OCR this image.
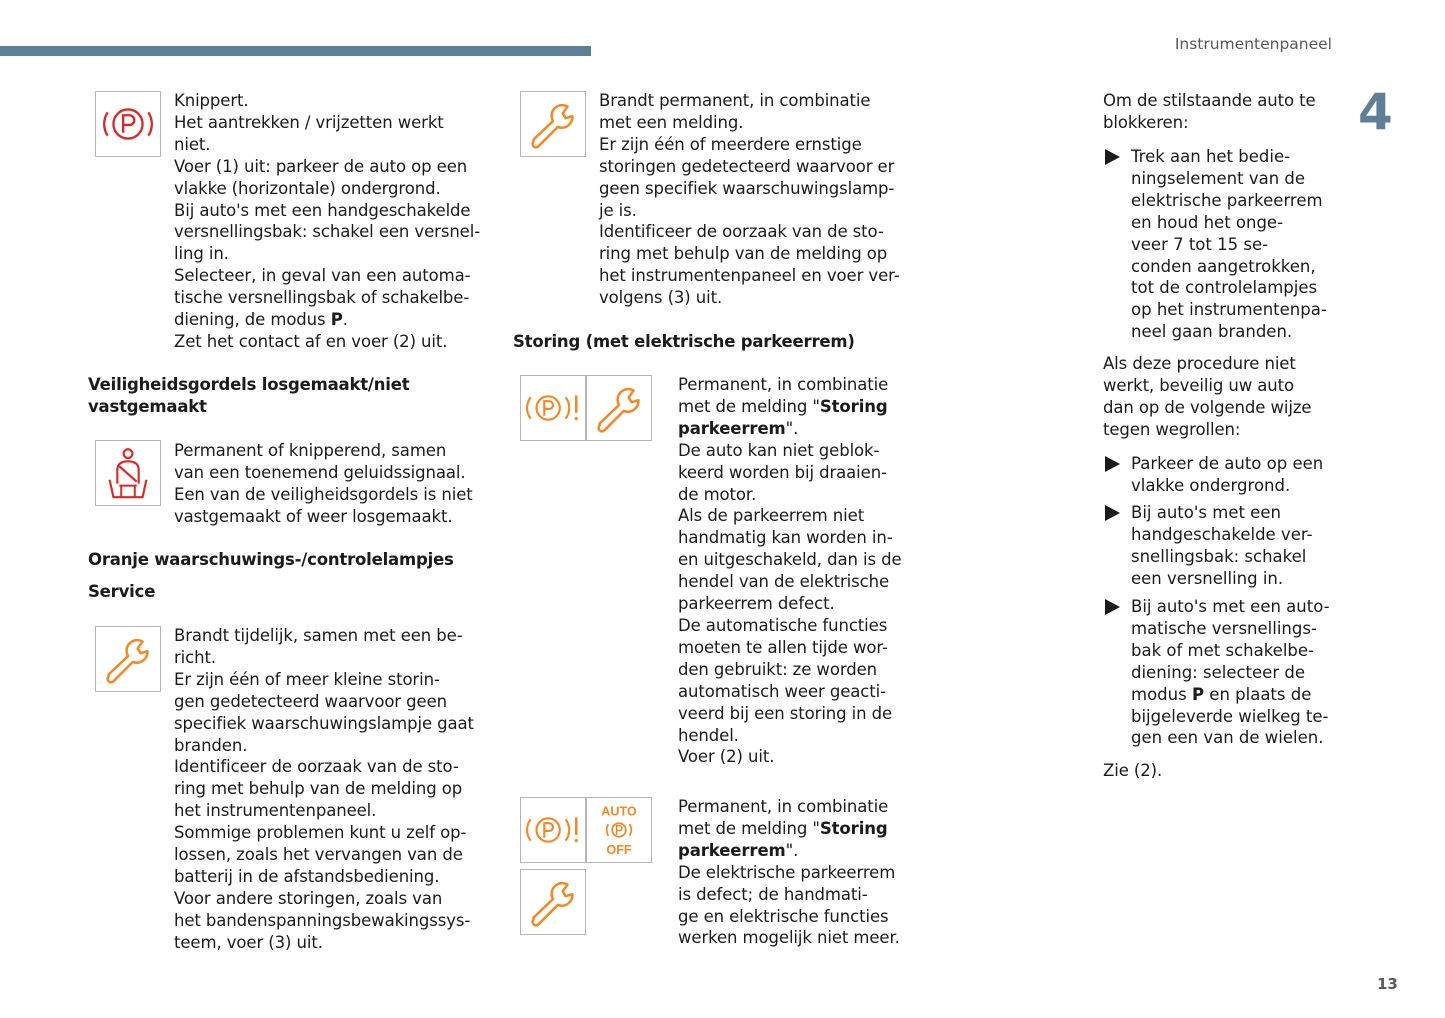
Instrumentenpaneel
4
13
Knippert.
Het aantrekken / vrijzetten werkt
niet.
Voer (1) uit: parkeer de auto op een
vlakke (horizontale) ondergrond.
Bij auto's met een handgeschakelde
versnellingsbak: schakel een versnel-
ling in.
Selecteer, in geval van een automa-
tische versnellingsbak of schakelbe-
diening, de modus P.
Zet het contact af en voer (2) uit.
Veiligheidsgordels losgemaakt/niet
vastgemaakt
Permanent of knipperend, samen
van een toenemend geluidssignaal.
Een van de veiligheidsgordels is niet
vastgemaakt of weer losgemaakt.
Oranje waarschuwings-/controlelampjes
Service
Brandt tijdelijk, samen met een be-
richt.
Er zijn één of meer kleine storin-
gen gedetecteerd waarvoor geen
specifiek waarschuwingslampje gaat
branden.
Identificeer de oorzaak van de sto-
ring met behulp van de melding op
het instrumentenpaneel.
Sommige problemen kunt u zelf op-
lossen, zoals het vervangen van de
batterij in de afstandsbediening.
Voor andere storingen, zoals van
het bandenspanningsbewakingssys-
teem, voer (3) uit.
Brandt permanent, in combinatie
met een melding.
Er zijn één of meerdere ernstige
storingen gedetecteerd waarvoor er
geen specifiek waarschuwingslamp-
je is.
Identificeer de oorzaak van de sto-
ring met behulp van de melding op
het instrumentenpaneel en voer ver-
volgens (3) uit.
Storing (met elektrische parkeerrem)
Permanent, in combinatie
met de melding "Storing
parkeerrem".
De auto kan niet geblok-
keerd worden bij draaien-
de motor.
Als de parkeerrem niet
handmatig kan worden in-
en uitgeschakeld, dan is de
hendel van de elektrische
parkeerrem defect.
De automatische functies
moeten te allen tijde wor-
den gebruikt: ze worden
automatisch weer geacti-
veerd bij een storing in de
hendel.
Voer (2) uit.
AUTO
OFF
Permanent, in combinatie
met de melding "Storing
parkeerrem".
De elektrische parkeerrem
is defect; de handmati-
ge en elektrische functies
werken mogelijk niet meer.
Om de stilstaande auto te
blokkeren:
Trek aan het bedie-
ningselement van de
elektrische parkeerrem
en houd het onge-
veer 7 tot 15 se-
conden aangetrokken,
tot de controlelampjes
op het instrumentenpa-
neel gaan branden.
Als deze procedure niet
werkt, beveilig uw auto
dan op de volgende wijze
tegen wegrollen:
Parkeer de auto op een
vlakke ondergrond.
Bij auto's met een
handgeschakelde ver-
snellingsbak: schakel
een versnelling in.
Bij auto's met een auto-
matische versnellings-
bak of met schakelbe-
diening: selecteer de
modus P en plaats de
bijgeleverde wielkeg te-
gen een van de wielen.
Zie (2).
